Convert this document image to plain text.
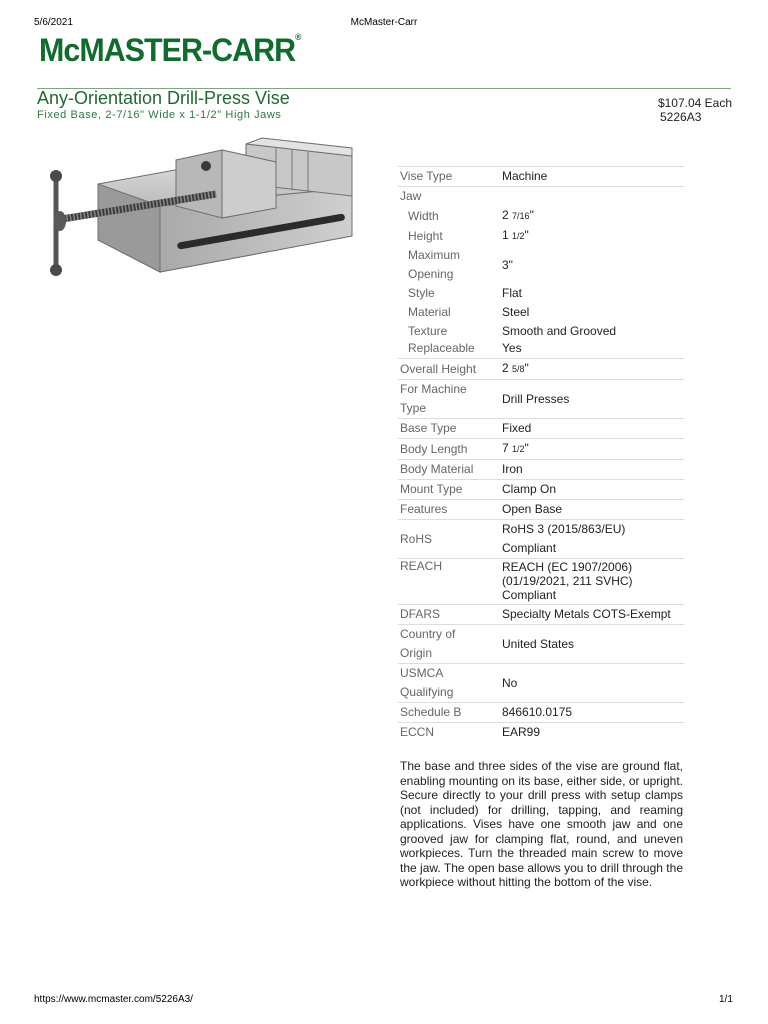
5/6/2021	McMaster-Carr
McMASTER-CARR®
Any-Orientation Drill-Press Vise
Fixed Base, 2-7/16" Wide x 1-1/2" High Jaws
$107.04 Each
5226A3
Vise Type	Machine
Jaw	
Width	2 7/16"
Height	1 1/2"
Maximum
Opening	3"
Style	Flat
Material	Steel
Texture	Smooth and Grooved
Replaceable	Yes
Overall Height	2 5/8"
For Machine
Type	Drill Presses
Base Type	Fixed
Body Length	7 1/2"
Body Material	Iron
Mount Type	Clamp On
Features	Open Base
RoHS	RoHS 3 (2015/863/EU)
Compliant
REACH	REACH (EC 1907/2006)
(01/19/2021, 211 SVHC)
Compliant
DFARS	Specialty Metals COTS-Exempt
Country of
Origin	United States
USMCA
Qualifying	No
Schedule B	846610.0175
ECCN	EAR99
The base and three sides of the vise are ground flat, enabling mounting on its base, either side, or upright. Secure directly to your drill press with setup clamps (not included) for drilling, tapping, and reaming applications. Vises have one smooth jaw and one grooved jaw for clamping flat, round, and uneven workpieces. Turn the threaded main screw to move the jaw. The open base allows you to drill through the workpiece without hitting the bottom of the vise.
https://www.mcmaster.com/5226A3/	1/1
